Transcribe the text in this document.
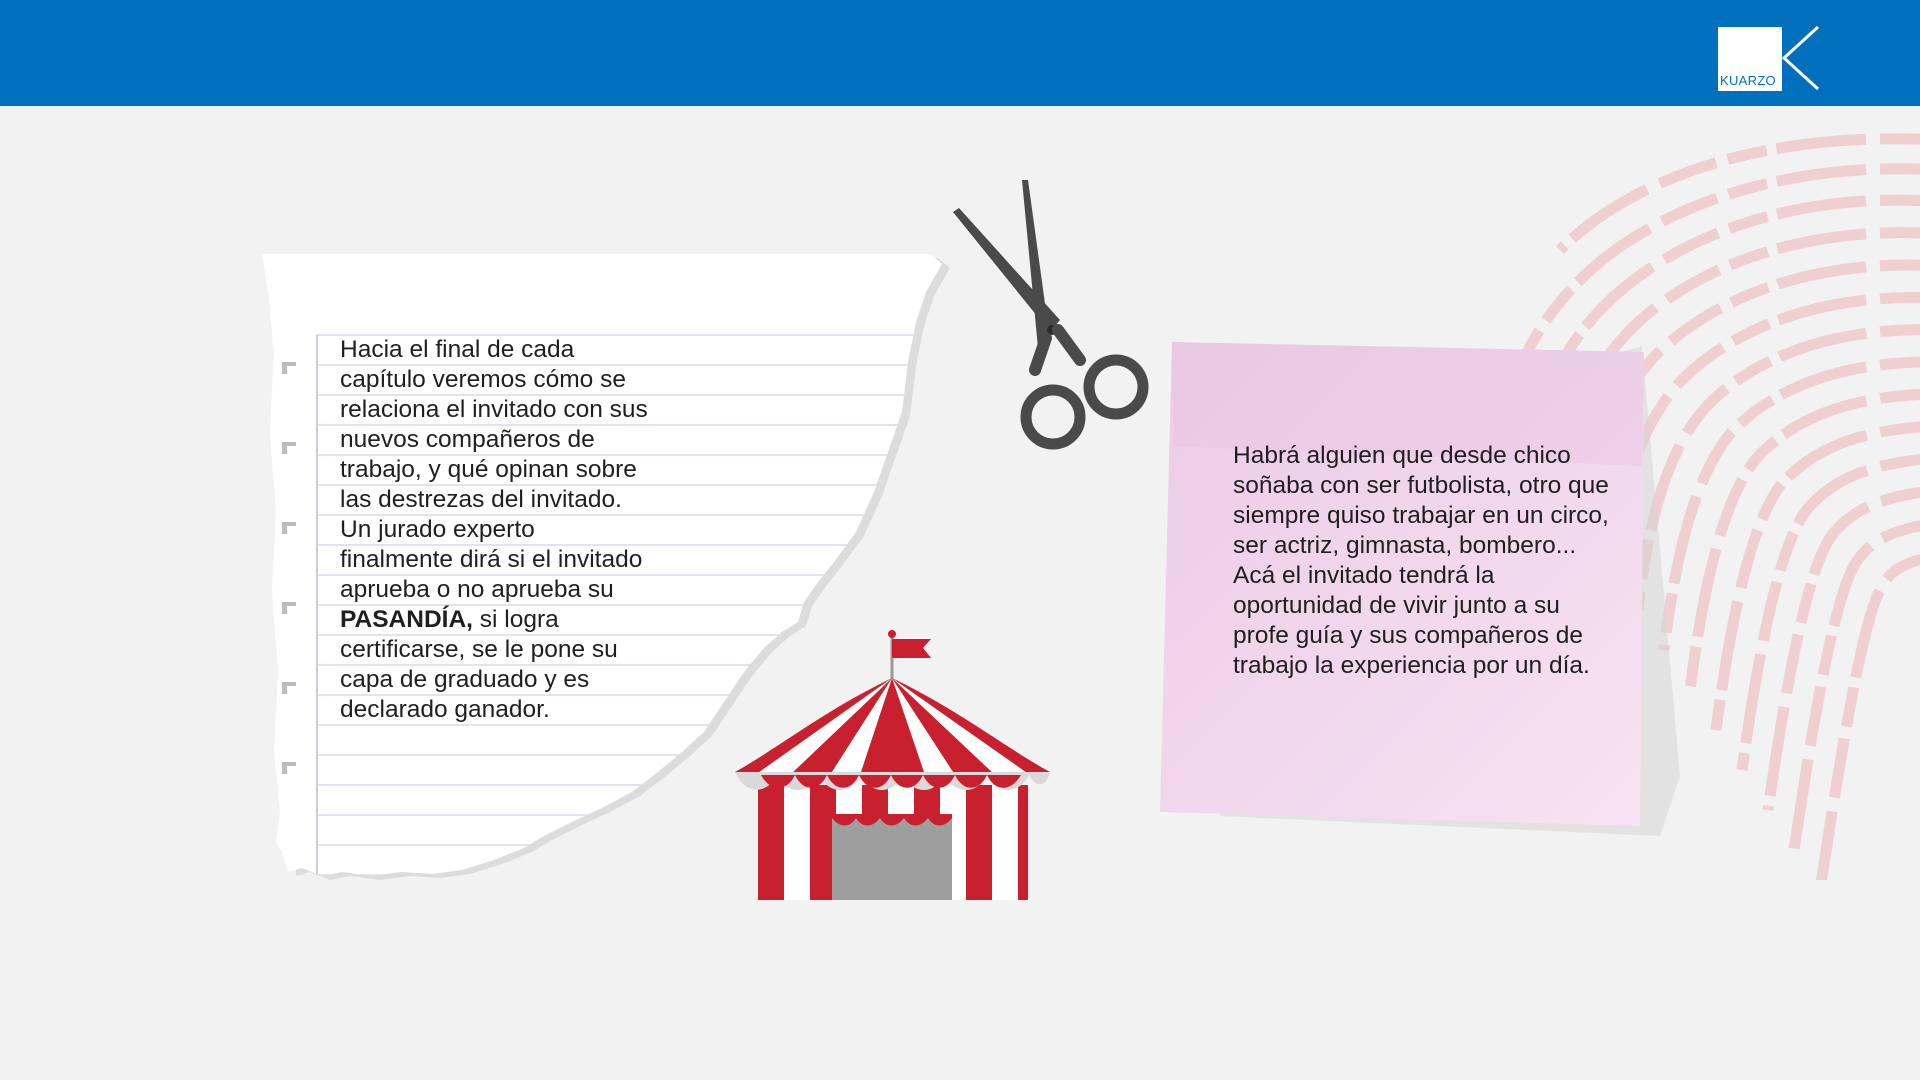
KUARZO
Hacia el final de cada
capítulo veremos cómo se
relaciona el invitado con sus
nuevos compañeros de
trabajo, y qué opinan sobre
las destrezas del invitado.
Un jurado experto
finalmente dirá si el invitado
aprueba o no aprueba su
PASANDÍA, si logra
certificarse, se le pone su
capa de graduado y es
declarado ganador.
Habrá alguien que desde chico soñaba con ser futbolista, otro que siempre quiso trabajar en un circo, ser actriz, gimnasta, bombero... Acá el invitado tendrá la oportunidad de vivir junto a su profe guía y sus compañeros de trabajo la experiencia por un día.
